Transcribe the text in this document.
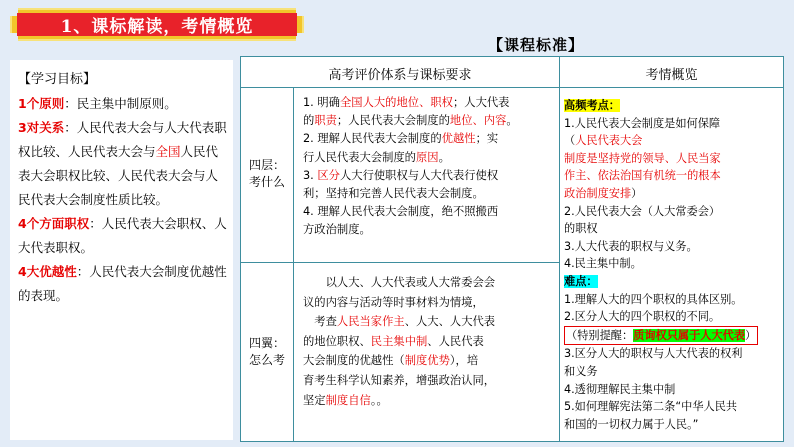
1、课标解读，考情概览
【课程标准】
【学习目标】
1个原则：民主集中制原则。
3对关系：人民代表大会与人大代表职权比较、人民代表大会与全国人民代表大会职权比较、人民代表大会与人民代表大会制度性质比较。
4个方面职权：人民代表大会职权、人大代表职权。
4大优越性：人民代表大会制度优越性的表现。
高考评价体系与课标要求	考情概览
四层：
考什么
四翼：
怎么考
1. 明确全国人大的地位、职权；人大代表
的职责；人民代表大会制度的地位、内容。
2. 理解人民代表大会制度的优越性；实
行人民代表大会制度的原因。
3. 区分人大行使职权与人大代表行使权
利；坚持和完善人民代表大会制度。
4. 理解人民代表大会制度，绝不照搬西
方政治制度。
以人大、人大代表或人大常委会会
议的内容与活动等时事材料为情境，
考查人民当家作主、人大、人大代表
的地位职权、民主集中制、人民代表
大会制度的优越性（制度优势），培
育考生科学认知素养，增强政治认同，
坚定制度自信。。
高频考点：
1.人民代表大会制度是如何保障
（人民代表大会
制度是坚持党的领导、人民当家
作主、依法治国有机统一的根本
政治制度安排）
2.人民代表大会（人大常委会）
的职权
3.人大代表的职权与义务。
4.民主集中制。
难点：
1.理解人大的四个职权的具体区别。
2.区分人大的四个职权的不同。
（特别提醒：质询权只属于人大代表）
3.区分人大的职权与人大代表的权利
和义务
4.透彻理解民主集中制
5.如何理解宪法第二条“中华人民共
和国的一切权力属于人民。”
